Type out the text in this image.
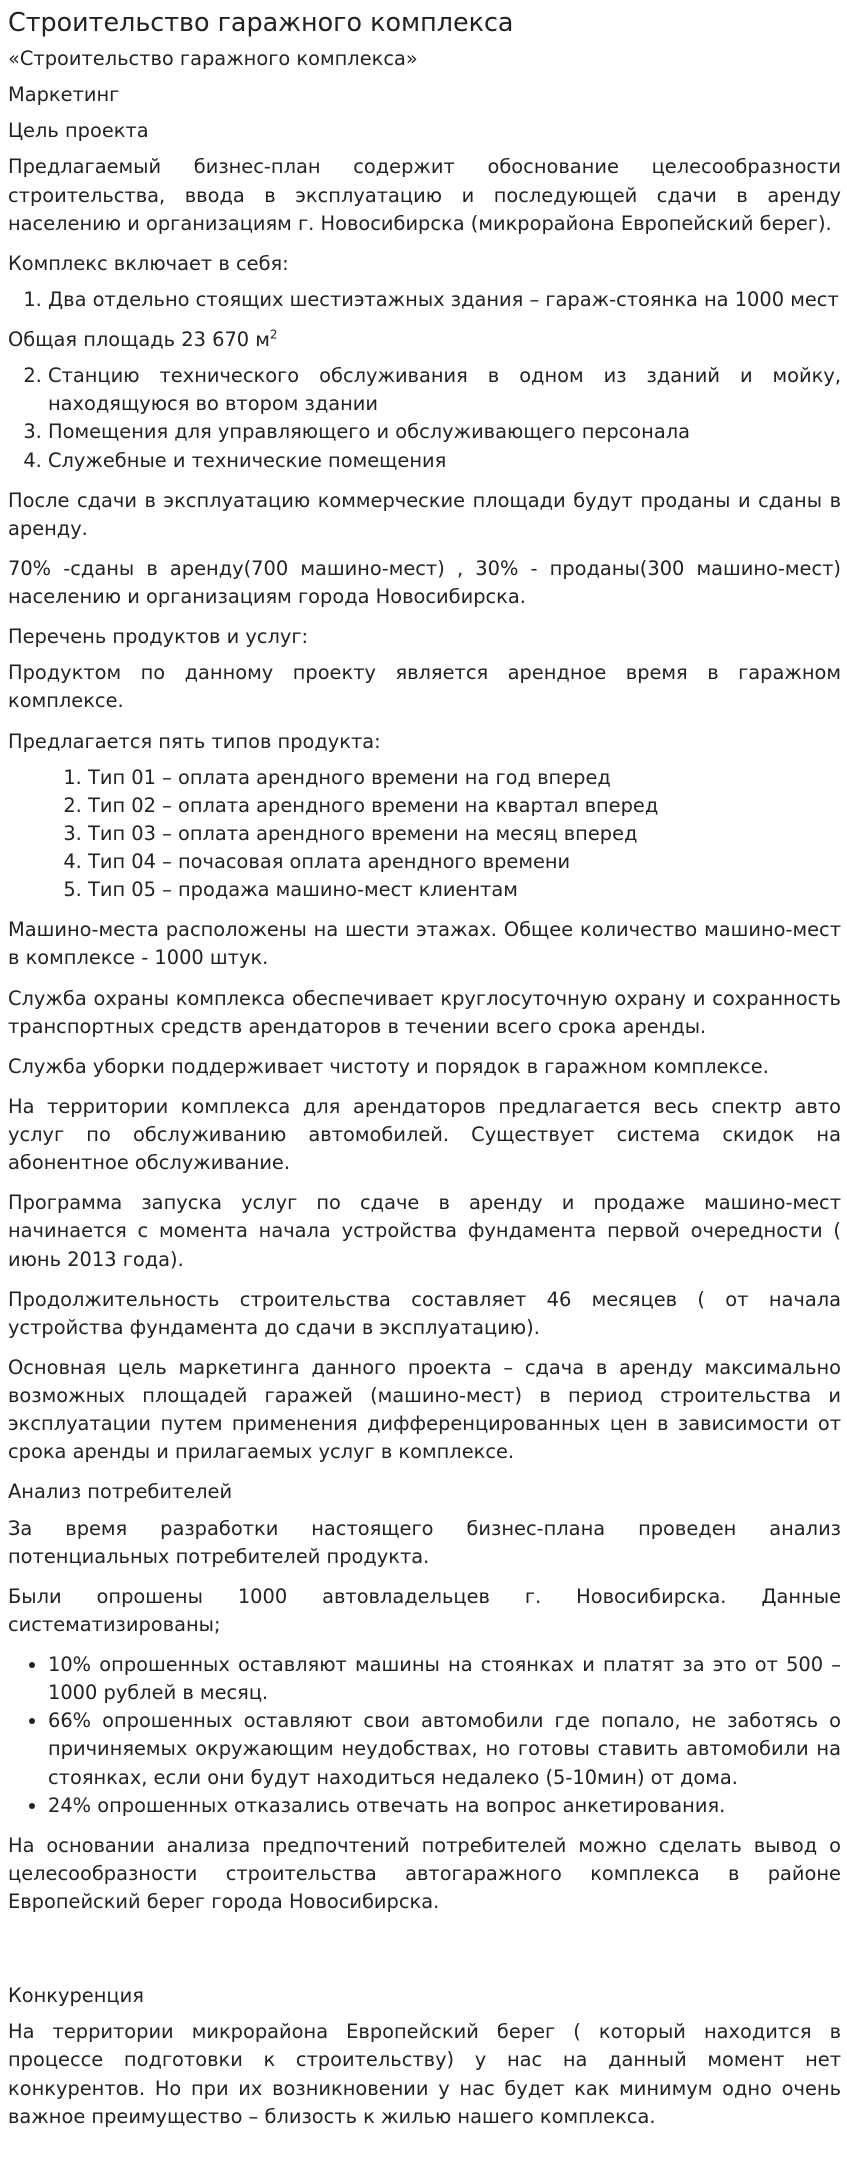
Строительство гаражного комплекса

«Строительство гаражного комплекса»

Маркетинг

Цель проекта

Предлагаемый бизнес-план содержит обоснование целесообразности строительства, ввода в эксплуатацию и последующей сдачи в аренду населению и организациям г. Новосибирска (микрорайона Европейский берег).

Комплекс включает в себя:

1. Два отдельно стоящих шестиэтажных здания – гараж-стоянка на 1000 мест

Общая площадь 23 670 $м^2$

2. Станцию технического обслуживания в одном из зданий и мойку, находящуюся во втором здании
3. Помещения для управляющего и обслуживающего персонала
4. Служебные и технические помещения

После сдачи в эксплуатацию коммерческие площади будут проданы и сданы в аренду.

70% -сданы в аренду(700 машино-мест) , 30% - проданы(300 машино-мест) населению и организациям города Новосибирска.

Перечень продуктов и услуг:

Продуктом по данному проекту является арендное время в гаражном комплексе.

Предлагается пять типов продукта:

1. Тип 01 – оплата арендного времени на год вперед
2. Тип 02 – оплата арендного времени на квартал вперед
3. Тип 03 – оплата арендного времени на месяц вперед
4. Тип 04 – почасовая оплата арендного времени
5. Тип 05 – продажа машино-мест клиентам

Машино-места расположены на шести этажах. Общее количество машино-мест в комплексе - 1000 штук.

Служба охраны комплекса обеспечивает круглосуточную охрану и сохранность транспортных средств арендаторов в течении всего срока аренды.

Служба уборки поддерживает чистоту и порядок в гаражном комплексе.

На территории комплекса для арендаторов предлагается весь спектр авто услуг по обслуживанию автомобилей. Существует система скидок на абонентное обслуживание.

Программа запуска услуг по сдаче в аренду и продаже машино-мест начинается с момента начала устройства фундамента первой очередности ( июнь 2013 года).

Продолжительность строительства составляет 46 месяцев ( от начала устройства фундамента до сдачи в эксплуатацию).

Основная цель маркетинга данного проекта – сдача в аренду максимально возможных площадей гаражей (машино-мест) в период строительства и эксплуатации путем применения дифференцированных цен в зависимости от срока аренды и прилагаемых услуг в комплексе.

Анализ потребителей

За время разработки настоящего бизнес-плана проведен анализ потенциальных потребителей продукта.

Были опрошены 1000 автовладельцев г. Новосибирска. Данные систематизированы;

• 10% опрошенных оставляют машины на стоянках и платят за это от 500 – 1000 рублей в месяц.
• 66% опрошенных оставляют свои автомобили где попало, не заботясь о причиняемых окружающим неудобствах, но готовы ставить автомобили на стоянках, если они будут находиться недалеко (5-10мин) от дома.
• 24% опрошенных отказались отвечать на вопрос анкетирования.

На основании анализа предпочтений потребителей можно сделать вывод о целесообразности строительства автогаражного комплекса в районе Европейский берег города Новосибирска.

Конкуренция

На территории микрорайона Европейский берег ( который находится в процессе подготовки к строительству) у нас на данный момент нет конкурентов. Но при их возникновении у нас будет как минимум одно очень важное преимущество – близость к жилью нашего комплекса.
